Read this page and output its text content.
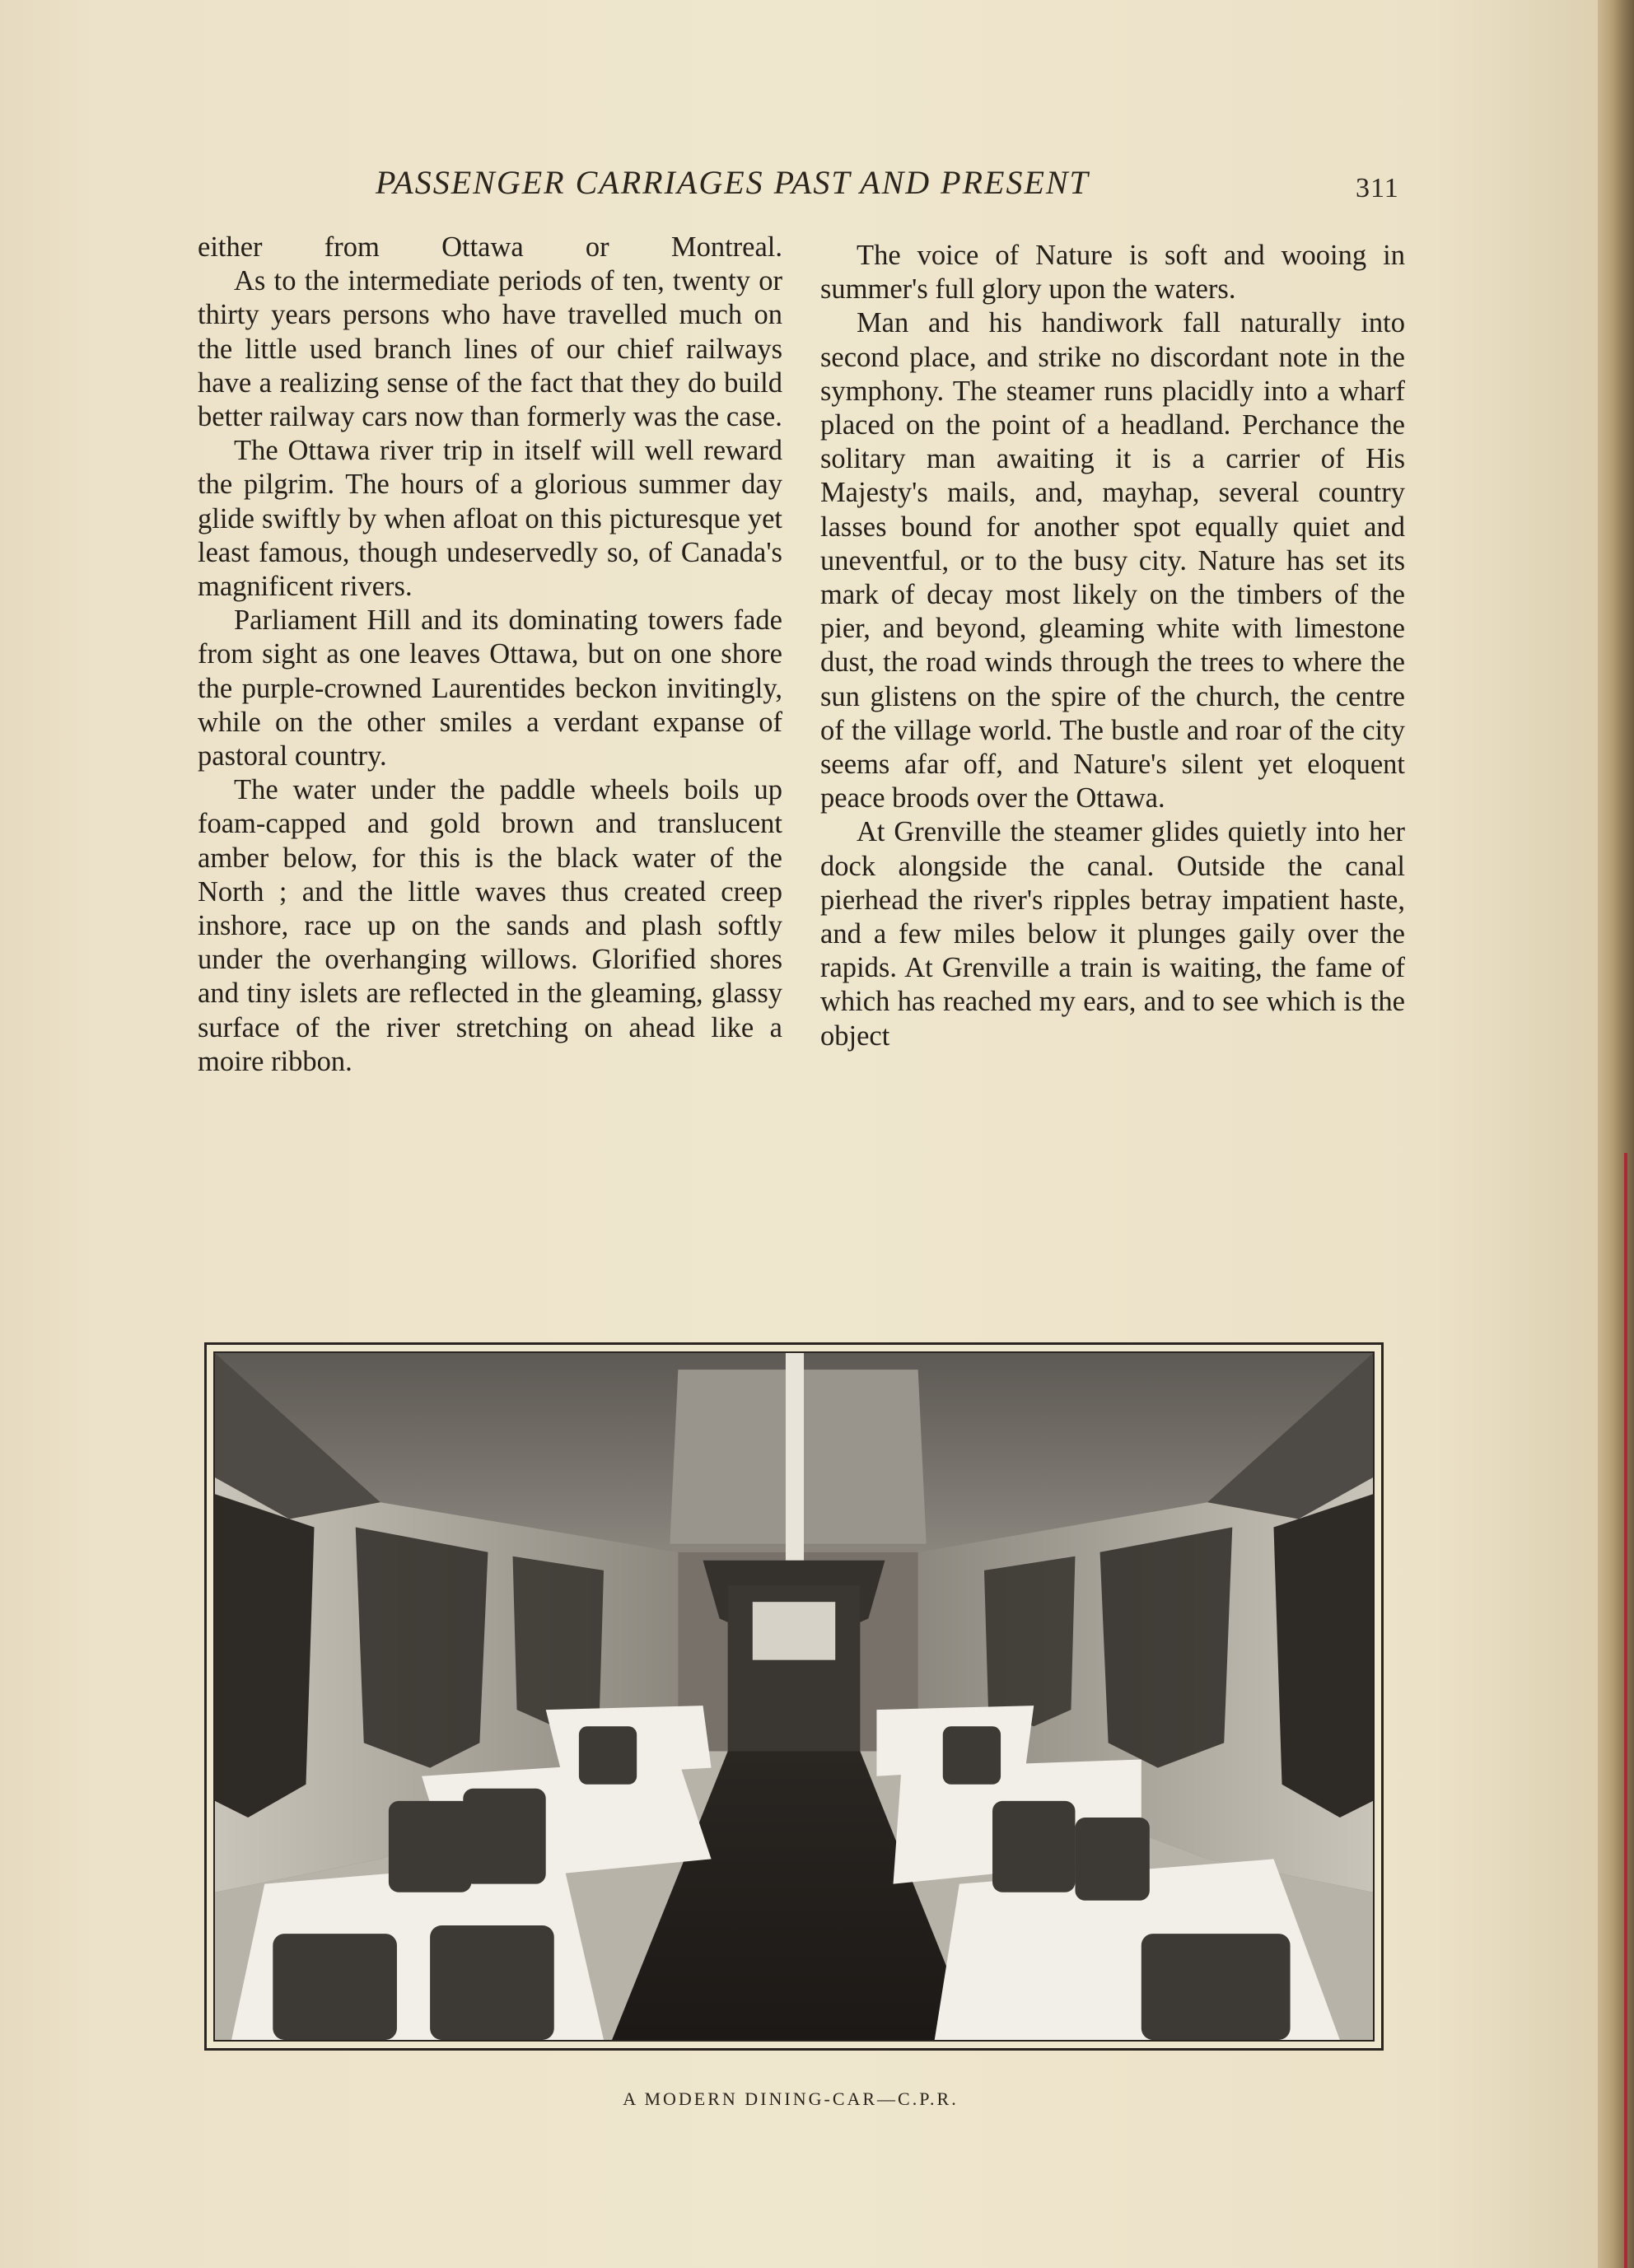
PASSENGER CARRIAGES PAST AND PRESENT	311

either from Ottawa or Montreal.

As to the intermediate periods of ten, twenty or thirty years persons who have travelled much on the little used branch lines of our chief railways have a realizing sense of the fact that they do build better railway cars now than formerly was the case.

The Ottawa river trip in itself will well reward the pilgrim. The hours of a glorious summer day glide swiftly by when afloat on this picturesque yet least famous, though undeservedly so, of Canada's magnificent rivers.

Parliament Hill and its dominating towers fade from sight as one leaves Ottawa, but on one shore the purple-crowned Laurentides beckon invitingly, while on the other smiles a verdant expanse of pastoral country.

The water under the paddle wheels boils up foam-capped and gold brown and translucent amber below, for this is the black water of the North ; and the little waves thus created creep inshore, race up on the sands and plash softly under the overhanging willows. Glorified shores and tiny islets are reflected in the gleaming, glassy surface of the river stretching on ahead like a moire ribbon.

The voice of Nature is soft and wooing in summer's full glory upon the waters.

Man and his handiwork fall naturally into second place, and strike no discordant note in the symphony. The steamer runs placidly into a wharf placed on the point of a headland. Perchance the solitary man awaiting it is a carrier of His Majesty's mails, and, mayhap, several country lasses bound for another spot equally quiet and uneventful, or to the busy city. Nature has set its mark of decay most likely on the timbers of the pier, and beyond, gleaming white with limestone dust, the road winds through the trees to where the sun glistens on the spire of the church, the centre of the village world. The bustle and roar of the city seems afar off, and Nature's silent yet eloquent peace broods over the Ottawa.

At Grenville the steamer glides quietly into her dock alongside the canal. Outside the canal pierhead the river's ripples betray impatient haste, and a few miles below it plunges gaily over the rapids. At Grenville a train is waiting, the fame of which has reached my ears, and to see which is the object

A MODERN DINING-CAR—C.P.R.
